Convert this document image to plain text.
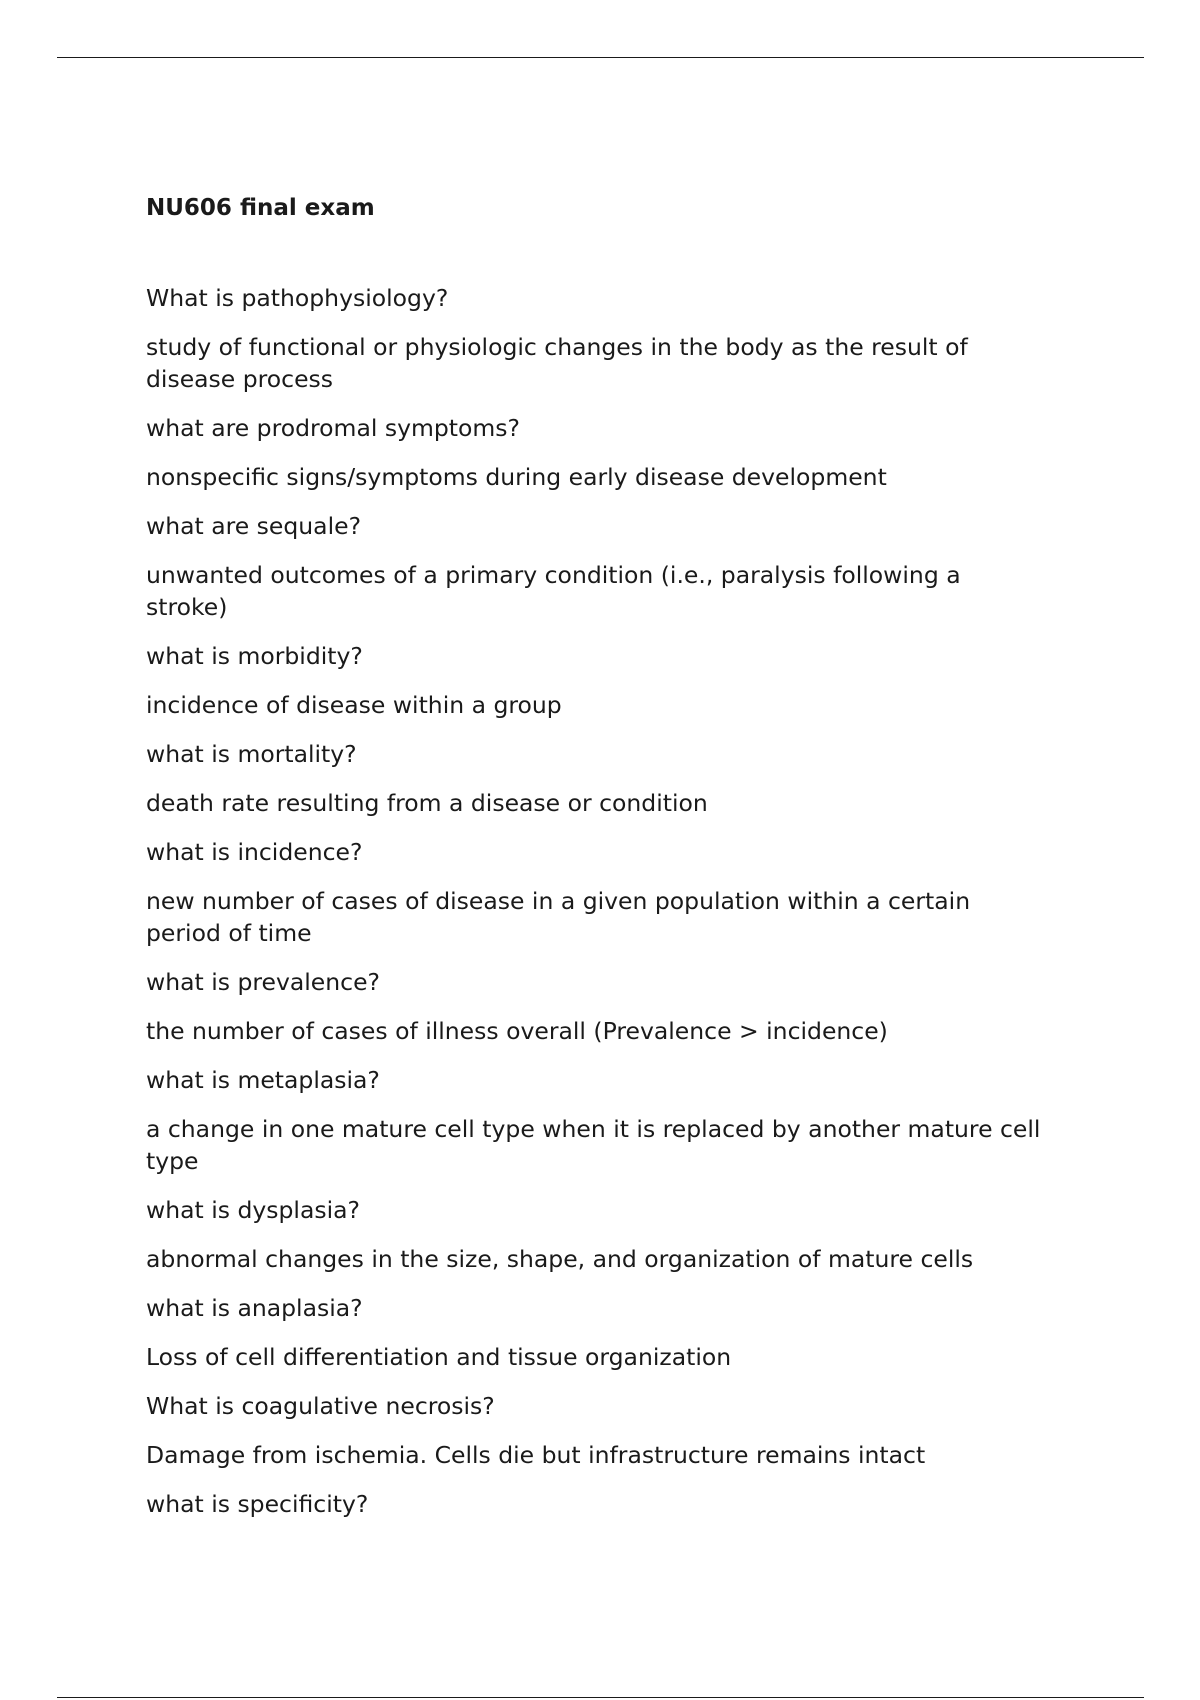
NU606 final exam
What is pathophysiology?
study of functional or physiologic changes in the body as the result of disease process
what are prodromal symptoms?
nonspecific signs/symptoms during early disease development
what are sequale?
unwanted outcomes of a primary condition (i.e., paralysis following a stroke)
what is morbidity?
incidence of disease within a group
what is mortality?
death rate resulting from a disease or condition
what is incidence?
new number of cases of disease in a given population within a certain period of time
what is prevalence?
the number of cases of illness overall (Prevalence > incidence)
what is metaplasia?
a change in one mature cell type when it is replaced by another mature cell type
what is dysplasia?
abnormal changes in the size, shape, and organization of mature cells
what is anaplasia?
Loss of cell differentiation and tissue organization
What is coagulative necrosis?
Damage from ischemia. Cells die but infrastructure remains intact
what is specificity?
